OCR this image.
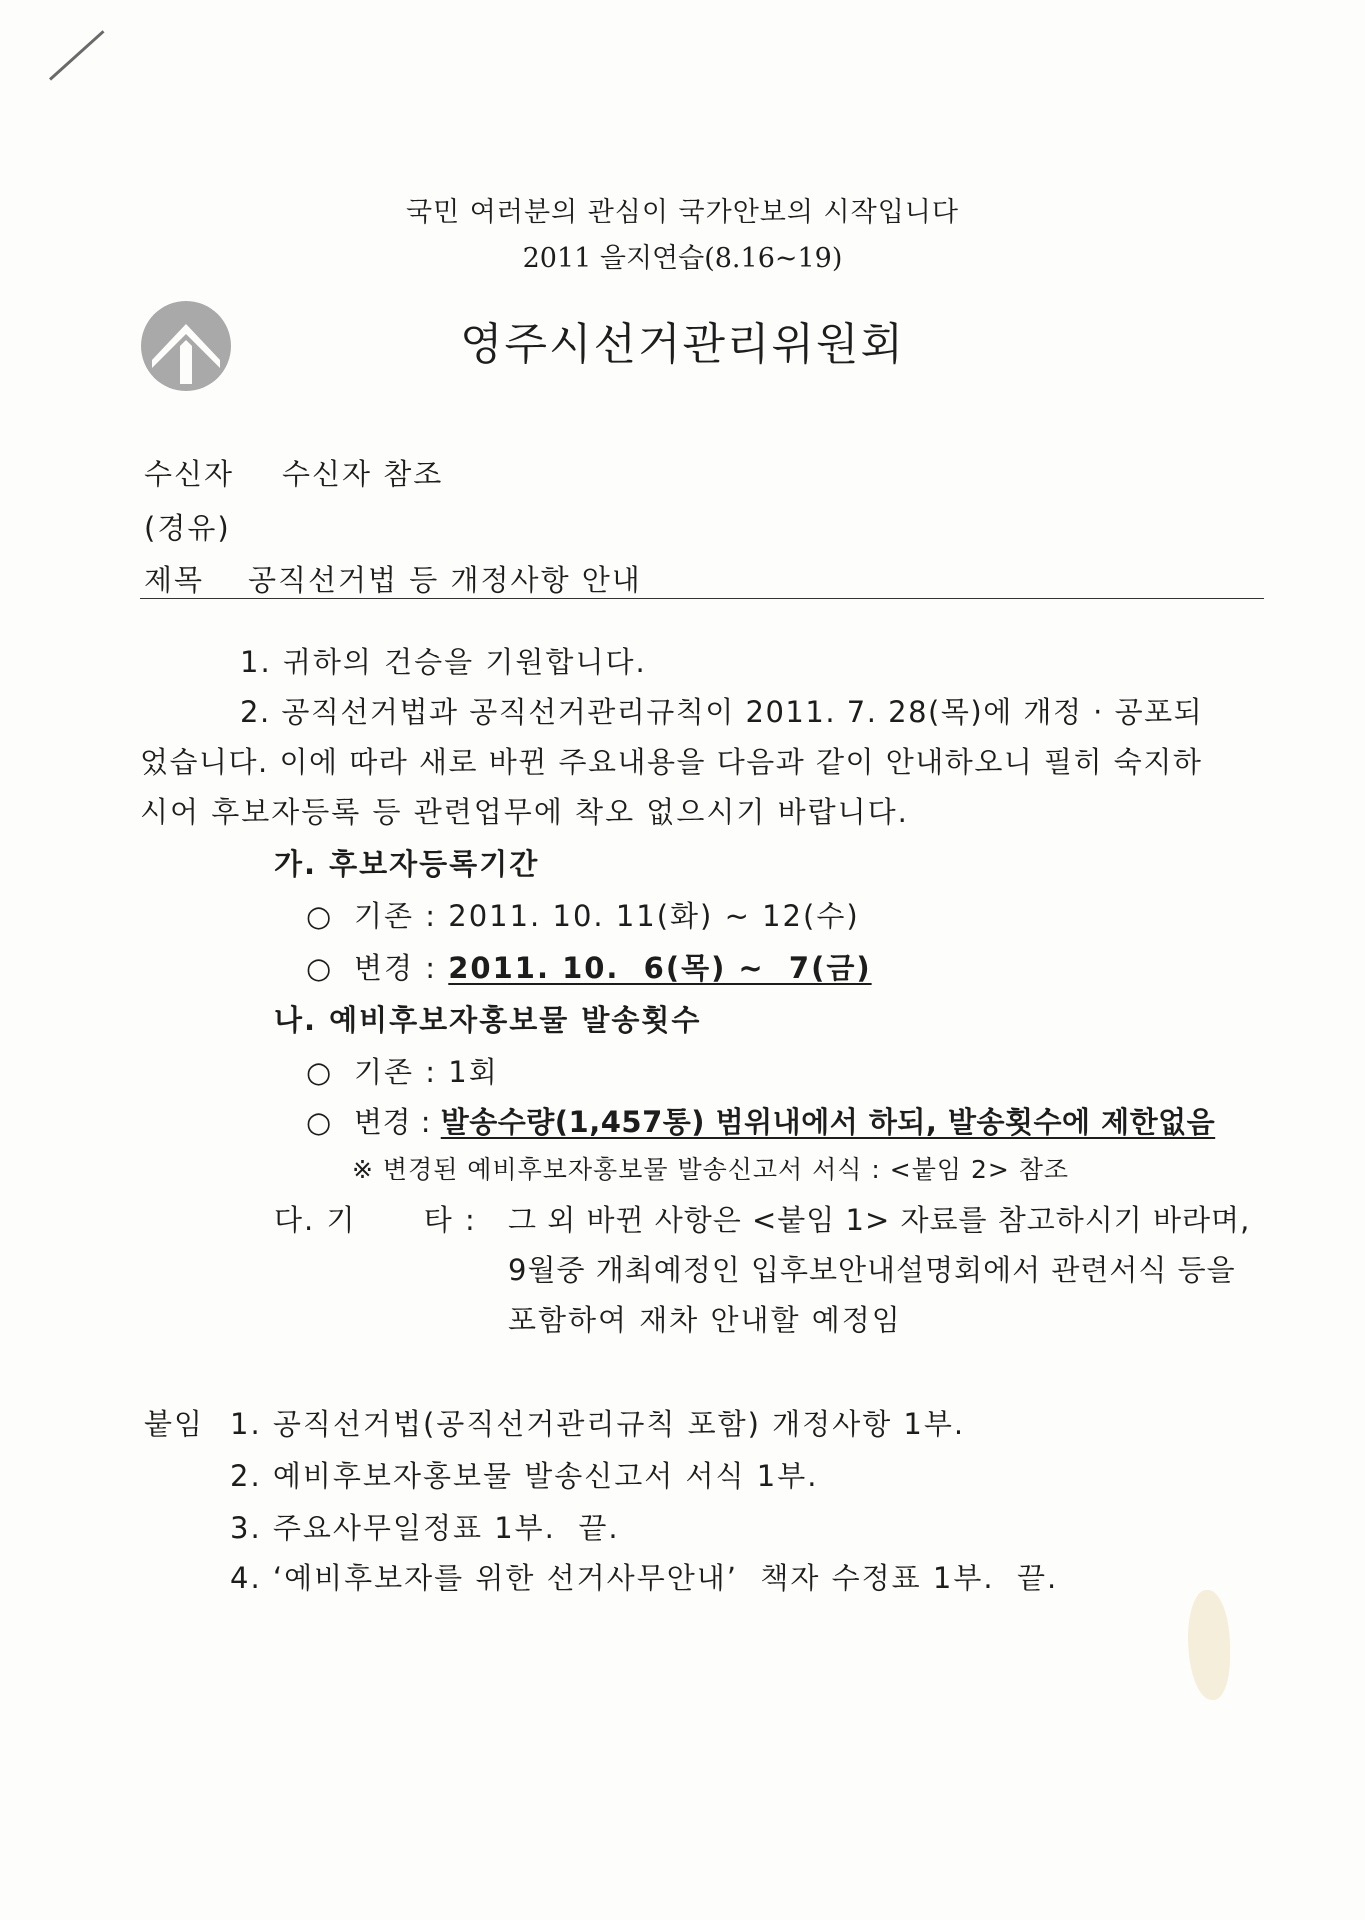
국민 여러분의 관심이 국가안보의 시작입니다
2011 을지연습(8.16~19)
영주시선거관리위원회
수신자 수신자 참조
(경유)
제목 공직선거법 등 개정사항 안내
1. 귀하의 건승을 기원합니다.
2. 공직선거법과 공직선거관리규칙이 2011. 7. 28(목)에 개정 · 공포되
었습니다. 이에 따라 새로 바뀐 주요내용을 다음과 같이 안내하오니 필히 숙지하
시어 후보자등록 등 관련업무에 착오 없으시기 바랍니다.
가. 후보자등록기간
○ 기존 : 2011. 10. 11(화) ~ 12(수)
○ 변경 : 2011. 10.  6(목) ~  7(금)
나. 예비후보자홍보물 발송횟수
○ 기존 : 1회
○ 변경 : 발송수량(1,457통) 범위내에서 하되, 발송횟수에 제한없음
※ 변경된 예비후보자홍보물 발송신고서 서식 : <붙임 2> 참조
다. 기      타 : 그 외 바뀐 사항은 <붙임 1> 자료를 참고하시기 바라며,
9월중 개최예정인 입후보안내설명회에서 관련서식 등을
포함하여 재차 안내할 예정임
붙임 1. 공직선거법(공직선거관리규칙 포함) 개정사항 1부.
2. 예비후보자홍보물 발송신고서 서식 1부.
3. 주요사무일정표 1부.  끝.
4. ‘예비후보자를 위한 선거사무안내’  책자 수정표 1부.  끝.
